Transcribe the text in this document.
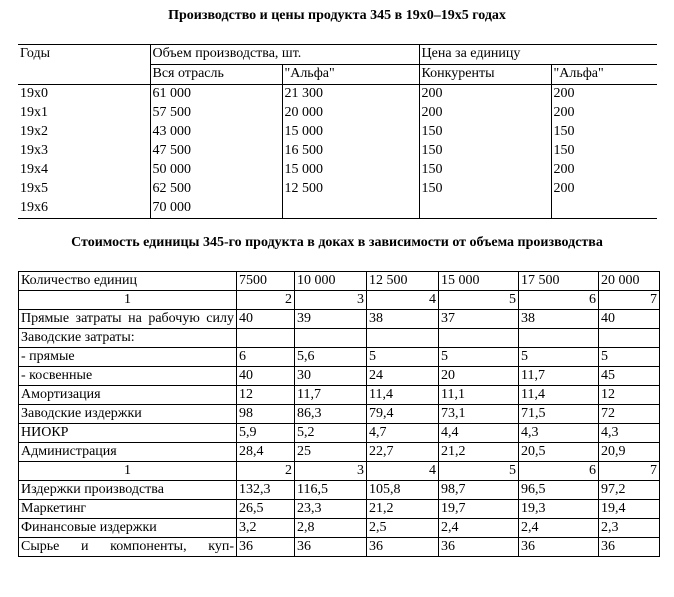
Производство и цены продукта 345 в 19х0–19х5 годах
Годы	Объем производства, шт.		Цена за единицу	
	Вся отрасль	"Альфа"	Конкуренты	"Альфа"
19х0	61 000	21 300	200	200
19х1	57 500	20 000	200	200
19х2	43 000	15 000	150	150
19х3	47 500	16 500	150	150
19х4	50 000	15 000	150	200
19х5	62 500	12 500	150	200
19х6	70 000			
Стоимость единицы 345-го продукта в доках в зависимости от объема производства
Количество единиц	7500	10 000	12 500	15 000	17 500	20 000
1	2	3	4	5	6	7
Прямые затраты на рабочую силу	40	39	38	37	38	40
Заводские затраты:						
- прямые	6	5,6	5	5	5	5
- косвенные	40	30	24	20	11,7	45
Амортизация	12	11,7	11,4	11,1	11,4	12
Заводские издержки	98	86,3	79,4	73,1	71,5	72
НИОКР	5,9	5,2	4,7	4,4	4,3	4,3
Администрация	28,4	25	22,7	21,2	20,5	20,9
1	2	3	4	5	6	7
Издержки производства	132,3	116,5	105,8	98,7	96,5	97,2
Маркетинг	26,5	23,3	21,2	19,7	19,3	19,4
Финансовые издержки	3,2	2,8	2,5	2,4	2,4	2,3
Сырье и компоненты, куп-	36	36	36	36	36	36
